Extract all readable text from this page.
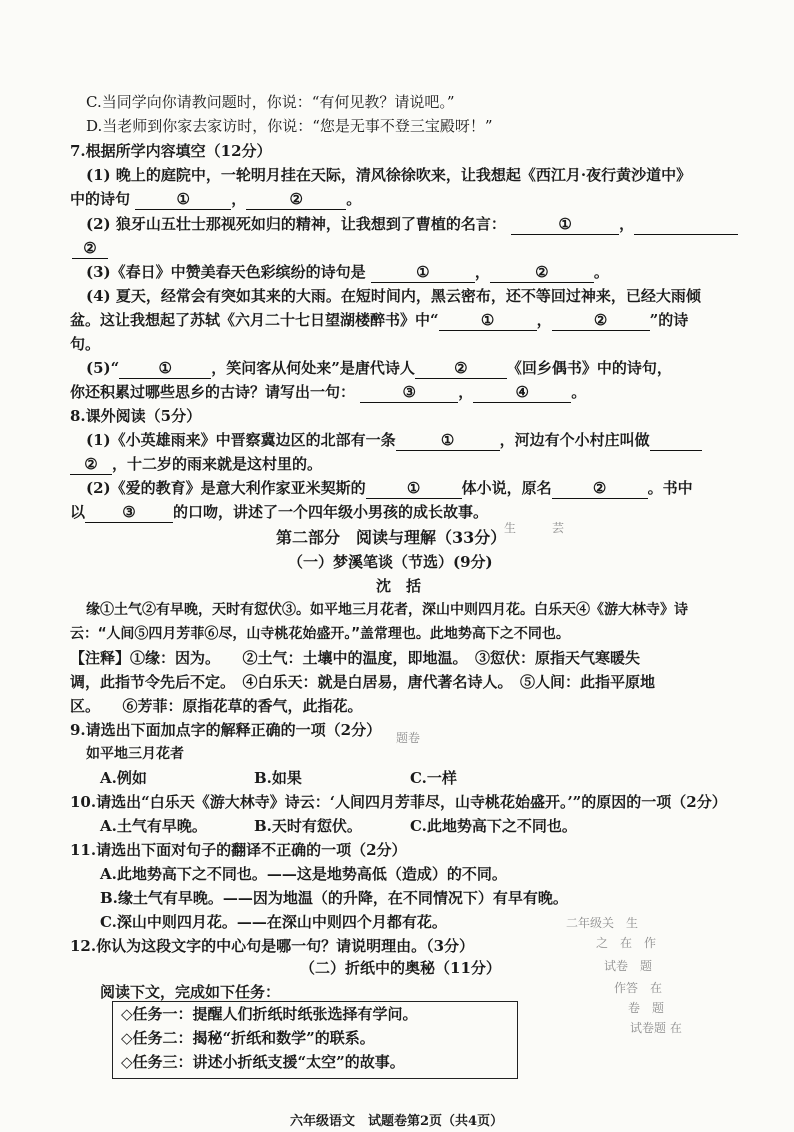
C.当同学向你请教问题时，你说：“有何见教？请说吧。”
D.当老师到你家去家访时，你说：“您是无事不登三宝殿呀！”
7.根据所学内容填空（12分）
(1) 晚上的庭院中，一轮明月挂在天际，清风徐徐吹来，让我想起《西江月·夜行黄沙道中》
中的诗句	①	，	②	。
(2) 狼牙山五壮士那视死如归的精神，让我想到了曹植的名言：	①	，
②
(3)《春日》中赞美春天色彩缤纷的诗句是	①	，	②	。
(4) 夏天，经常会有突如其来的大雨。在短时间内，黑云密布，还不等回过神来，已经大雨倾
盆。这让我想起了苏轼《六月二十七日望湖楼醉书》中“	①	，	②	”的诗
句。
(5)“	①	，笑问客从何处来”是唐代诗人	②	《回乡偶书》中的诗句，
你还积累过哪些思乡的古诗？请写出一句：	③	，	④	。
8.课外阅读（5分）
(1)《小英雄雨来》中晋察冀边区的北部有一条	①	，河边有个小村庄叫做
② ，十二岁的雨来就是这村里的。
(2)《爱的教育》是意大利作家亚米契斯的	①	体小说，原名	②	。书中
以 ③ 的口吻，讲述了一个四年级小男孩的成长故事。
第二部分　阅读与理解（33分）
（一）梦溪笔谈（节选）(9分)
沈　括
缘①土气②有早晚，天时有愆伏③。如平地三月花者，深山中则四月花。白乐天④《游大林寺》诗
云：“人间⑤四月芳菲⑥尽，山寺桃花始盛开。”盖常理也。此地势高下之不同也。
【注释】①缘：因为。　　②土气：土壤中的温度，即地温。　③愆伏：原指天气寒暖失
调，此指节令先后不定。　④白乐天：就是白居易，唐代著名诗人。　⑤人间：此指平原地
区。　　⑥芳菲：原指花草的香气，此指花。
9.请选出下面加点字的解释正确的一项（2分）
如平地三月花者
A.例如	B.如果	C.一样
10.请选出“白乐天《游大林寺》诗云：‘人间四月芳菲尽，山寺桃花始盛开。’”的原因的一项（2分）
A.土气有早晚。	B.天时有愆伏。	C.此地势高下之不同也。
11.请选出下面对句子的翻译不正确的一项（2分）
A.此地势高下之不同也。——这是地势高低（造成）的不同。
B.缘土气有早晚。——因为地温（的升降，在不同情况下）有早有晚。
C.深山中则四月花。——在深山中则四个月都有花。
12.你认为这段文字的中心句是哪一句？请说明理由。（3分）
（二）折纸中的奥秘（11分）
阅读下文，完成如下任务：
◇任务一：提醒人们折纸时纸张选择有学问。
◇任务二：揭秘“折纸和数学”的联系。
◇任务三：讲述小折纸支援“太空”的故事。
六年级语文　试题卷第2页（共4页）
生　　　芸
二年级关　生
之　在　作
试卷　题
作答　在
卷　题
试卷题 在
题卷
